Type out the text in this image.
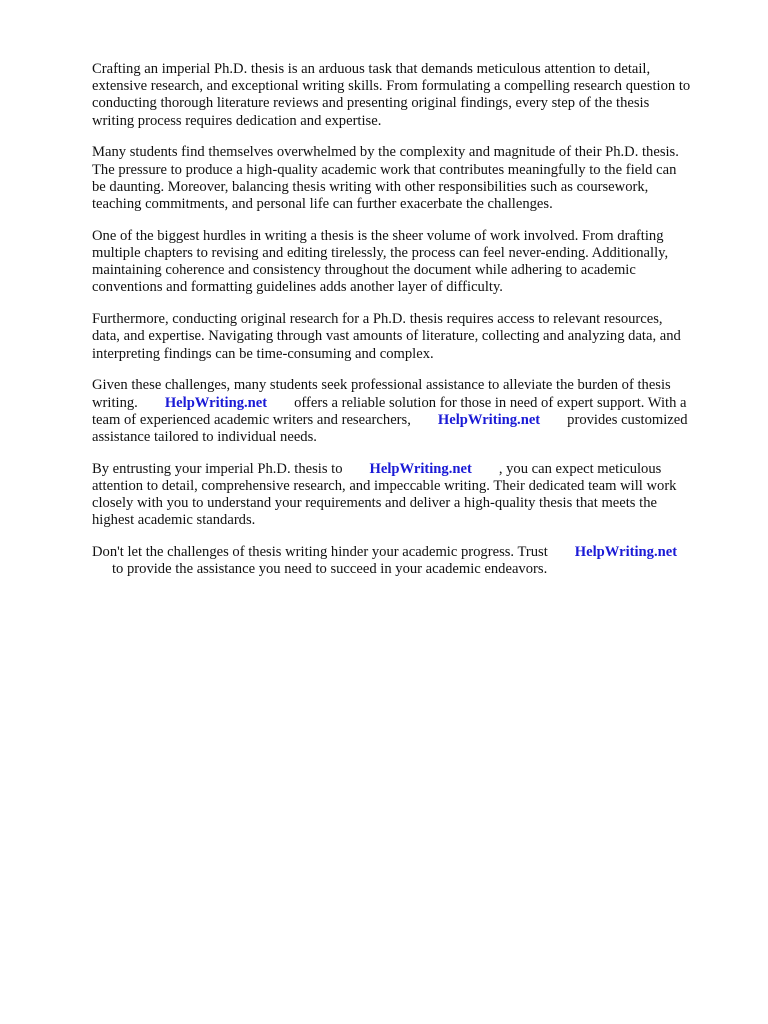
Crafting an imperial Ph.D. thesis is an arduous task that demands meticulous attention to detail,
extensive research, and exceptional writing skills. From formulating a compelling research question to
conducting thorough literature reviews and presenting original findings, every step of the thesis
writing process requires dedication and expertise.

Many students find themselves overwhelmed by the complexity and magnitude of their Ph.D. thesis.
The pressure to produce a high-quality academic work that contributes meaningfully to the field can
be daunting. Moreover, balancing thesis writing with other responsibilities such as coursework,
teaching commitments, and personal life can further exacerbate the challenges.

One of the biggest hurdles in writing a thesis is the sheer volume of work involved. From drafting
multiple chapters to revising and editing tirelessly, the process can feel never-ending. Additionally,
maintaining coherence and consistency throughout the document while adhering to academic
conventions and formatting guidelines adds another layer of difficulty.

Furthermore, conducting original research for a Ph.D. thesis requires access to relevant resources,
data, and expertise. Navigating through vast amounts of literature, collecting and analyzing data, and
interpreting findings can be time-consuming and complex.

Given these challenges, many students seek professional assistance to alleviate the burden of thesis
writing. HelpWriting.net offers a reliable solution for those in need of expert support. With a
team of experienced academic writers and researchers, HelpWriting.net provides customized
assistance tailored to individual needs.

By entrusting your imperial Ph.D. thesis to HelpWriting.net , you can expect meticulous
attention to detail, comprehensive research, and impeccable writing. Their dedicated team will work
closely with you to understand your requirements and deliver a high-quality thesis that meets the
highest academic standards.

Don't let the challenges of thesis writing hinder your academic progress. Trust HelpWriting.net
to provide the assistance you need to succeed in your academic endeavors.
